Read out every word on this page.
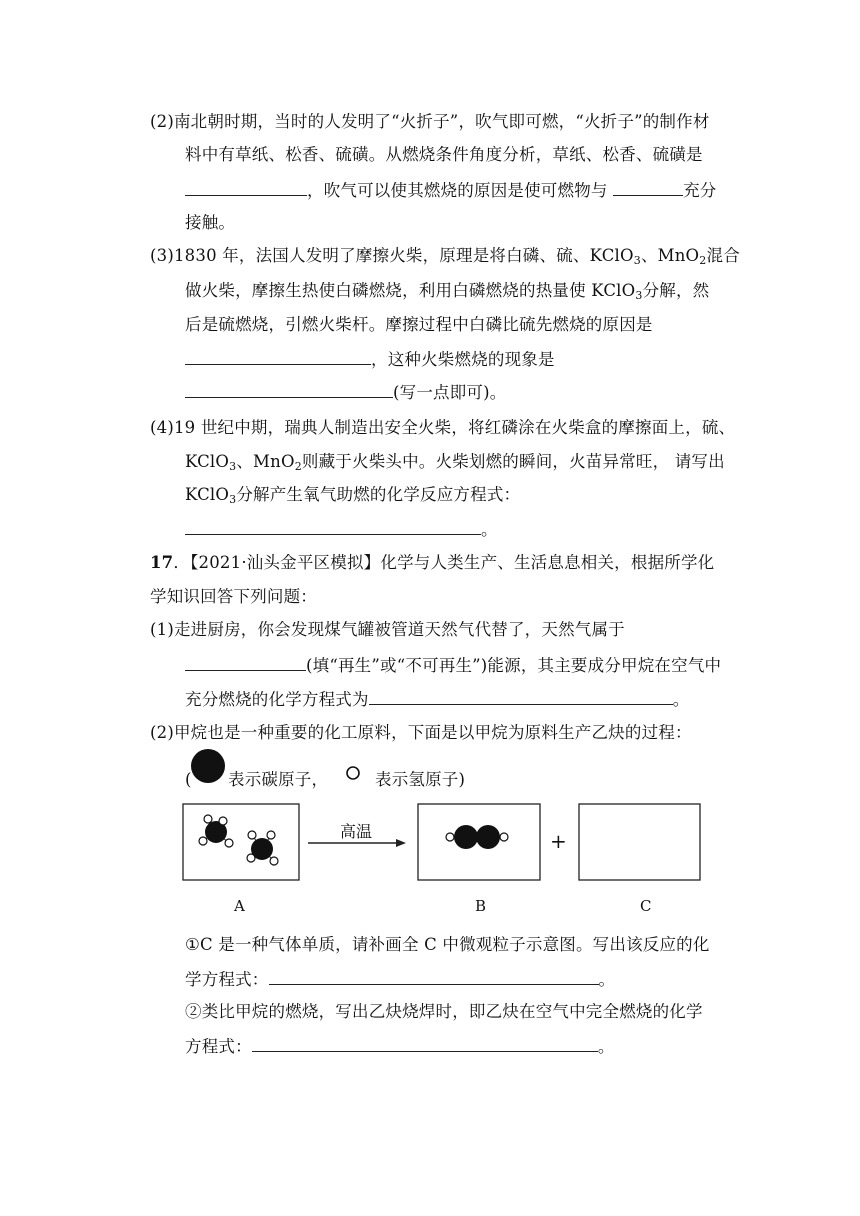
(2)南北朝时期，当时的人发明了“火折子”，吹气即可燃，“火折子”的制作材
料中有草纸、松香、硫磺。从燃烧条件角度分析，草纸、松香、硫磺是
，吹气可以使其燃烧的原因是使可燃物与	充分
接触。
(3)1830 年，法国人发明了摩擦火柴，原理是将白磷、硫、KClO$_3$、MnO$_2$混合
做火柴，摩擦生热使白磷燃烧，利用白磷燃烧的热量使 KClO$_3$分解，然
后是硫燃烧，引燃火柴杆。摩擦过程中白磷比硫先燃烧的原因是
，这种火柴燃烧的现象是
(写一点即可)。
(4)19 世纪中期，瑞典人制造出安全火柴，将红磷涂在火柴盒的摩擦面上，硫、
KClO$_3$、MnO$_2$则藏于火柴头中。火柴划燃的瞬间，火苗异常旺， 请写出
KClO$_3$分解产生氧气助燃的化学反应方程式：
。
17．【2021·汕头金平区模拟】化学与人类生产、生活息息相关，根据所学化
学知识回答下列问题：
(1)走进厨房，你会发现煤气罐被管道天然气代替了，天然气属于
(填“再生”或“不可再生”)能源，其主要成分甲烷在空气中
充分燃烧的化学方程式为	。
(2)甲烷也是一种重要的化工原料，下面是以甲烷为原料生产乙炔的过程：
( 表示碳原子，	表示氢原子)
高温	+
A	B	C
①C 是一种气体单质，请补画全 C 中微观粒子示意图。写出该反应的化
学方程式：	。
②类比甲烷的燃烧，写出乙炔烧焊时，即乙炔在空气中完全燃烧的化学
方程式：	。
